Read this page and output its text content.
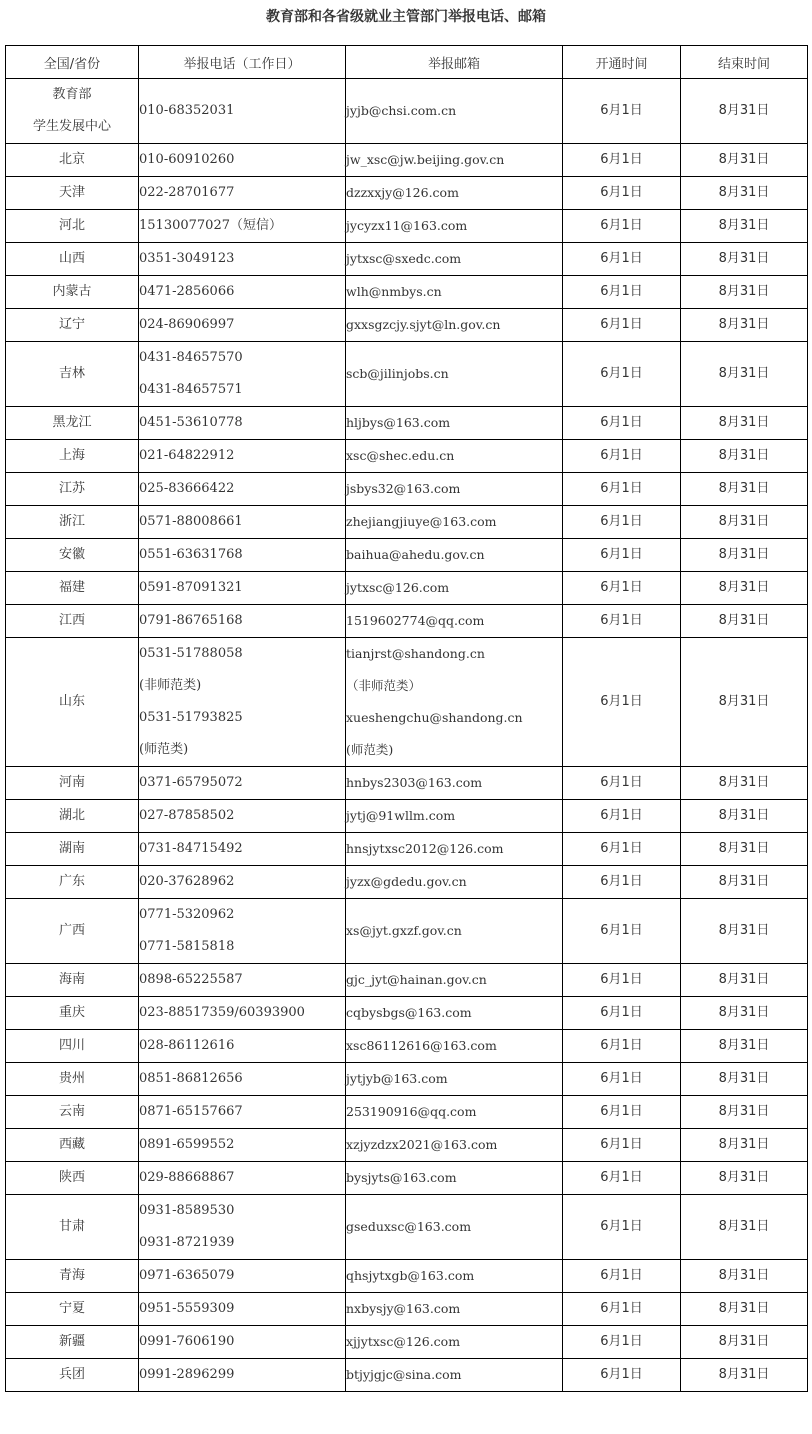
教育部和各省级就业主管部门举报电话、邮箱
全国/省份	举报电话（工作日）	举报邮箱	开通时间	结束时间

教育部
学生发展中心	010-68352031	jyjb@chsi.com.cn	6月1日	8月31日

北京	010-60910260	jw_xsc@jw.beijing.gov.cn	6月1日	8月31日

天津	022-28701677	dzzxxjy@126.com	6月1日	8月31日

河北	15130077027（短信）	jycyzx11@163.com	6月1日	8月31日

山西	0351-3049123	jytxsc@sxedc.com	6月1日	8月31日

内蒙古	0471-2856066	wlh@nmbys.cn	6月1日	8月31日

辽宁	024-86906997	gxxsgzcjy.sjyt@ln.gov.cn	6月1日	8月31日

吉林	0431-84657570
0431-84657571	scb@jilinjobs.cn	6月1日	8月31日

黑龙江	0451-53610778	hljbys@163.com	6月1日	8月31日

上海	021-64822912	xsc@shec.edu.cn	6月1日	8月31日

江苏	025-83666422	jsbys32@163.com	6月1日	8月31日

浙江	0571-88008661	zhejiangjiuye@163.com	6月1日	8月31日

安徽	0551-63631768	baihua@ahedu.gov.cn	6月1日	8月31日

福建	0591-87091321	jytxsc@126.com	6月1日	8月31日

江西	0791-86765168	1519602774@qq.com	6月1日	8月31日

山东	0531-51788058
(非师范类)
0531-51793825
(师范类)	tianjrst@shandong.cn
（非师范类）
xueshengchu@shandong.cn
(师范类)	6月1日	8月31日

河南	0371-65795072	hnbys2303@163.com	6月1日	8月31日

湖北	027-87858502	jytj@91wllm.com	6月1日	8月31日

湖南	0731-84715492	hnsjytxsc2012@126.com	6月1日	8月31日

广东	020-37628962	jyzx@gdedu.gov.cn	6月1日	8月31日

广西	0771-5320962
0771-5815818	xs@jyt.gxzf.gov.cn	6月1日	8月31日

海南	0898-65225587	gjc_jyt@hainan.gov.cn	6月1日	8月31日

重庆	023-88517359/60393900	cqbysbgs@163.com	6月1日	8月31日

四川	028-86112616	xsc86112616@163.com	6月1日	8月31日

贵州	0851-86812656	jytjyb@163.com	6月1日	8月31日

云南	0871-65157667	253190916@qq.com	6月1日	8月31日

西藏	0891-6599552	xzjyzdzx2021@163.com	6月1日	8月31日

陕西	029-88668867	bysjyts@163.com	6月1日	8月31日

甘肃	0931-8589530
0931-8721939	gseduxsc@163.com	6月1日	8月31日

青海	0971-6365079	qhsjytxgb@163.com	6月1日	8月31日

宁夏	0951-5559309	nxbysjy@163.com	6月1日	8月31日

新疆	0991-7606190	xjjytxsc@126.com	6月1日	8月31日

兵团	0991-2896299	btjyjgjc@sina.com	6月1日	8月31日
